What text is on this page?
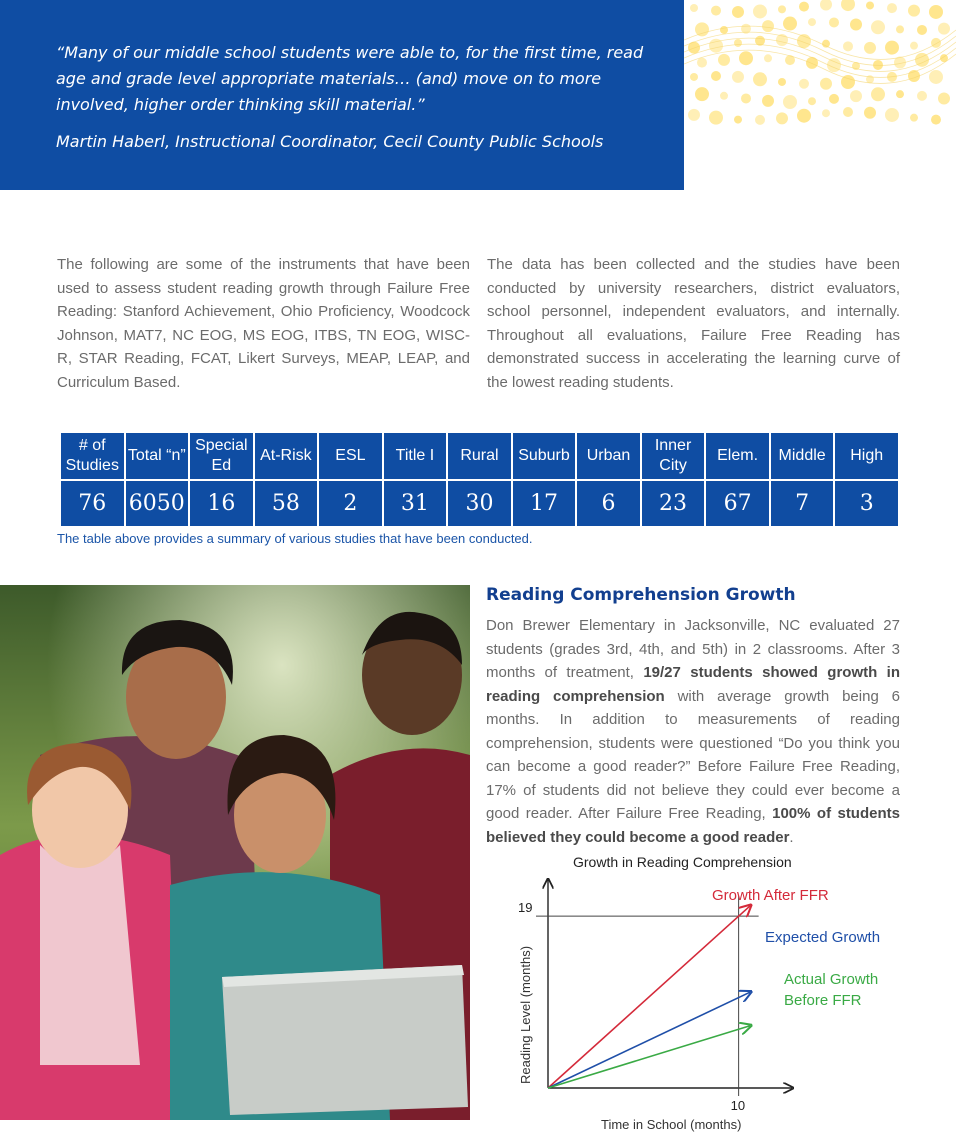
“Many of our middle school students were able to, for the first time, read age and grade level appropriate materials… (and) move on to more involved, higher order thinking skill material.”

Martin Haberl, Instructional Coordinator, Cecil County Public Schools

The following are some of the instruments that have been used to assess student reading growth through Failure Free Reading: Stanford Achievement, Ohio Proficiency, Woodcock Johnson, MAT7, NC EOG, MS EOG, ITBS, TN EOG, WISC-R, STAR Reading, FCAT, Likert Surveys, MEAP, LEAP, and Curriculum Based.

The data has been collected and the studies have been conducted by university researchers, district evaluators, school personnel, independent evaluators, and internally. Throughout all evaluations, Failure Free Reading has demonstrated success in accelerating the learning curve of the lowest reading students.

# of Studies	Total “n”	Special Ed	At-Risk	ESL	Title I	Rural	Suburb	Urban	Inner City	Elem.	Middle	High
76	6050	16	58	2	31	30	17	6	23	67	7	3

The table above provides a summary of various studies that have been conducted.

Reading Comprehension Growth

Don Brewer Elementary in Jacksonville, NC evaluated 27 students (grades 3rd, 4th, and 5th) in 2 classrooms. After 3 months of treatment, 19/27 students showed growth in reading comprehension with average growth being 6 months. In addition to measurements of reading comprehension, students were questioned “Do you think you can become a good reader?” Before Failure Free Reading, 17% of students did not believe they could ever become a good reader. After Failure Free Reading, 100% of students believed they could become a good reader.

Growth in Reading Comprehension
Time in School (months)
Reading Level (months)
19
10
Growth After FFR
Expected Growth
Actual Growth
Before FFR
